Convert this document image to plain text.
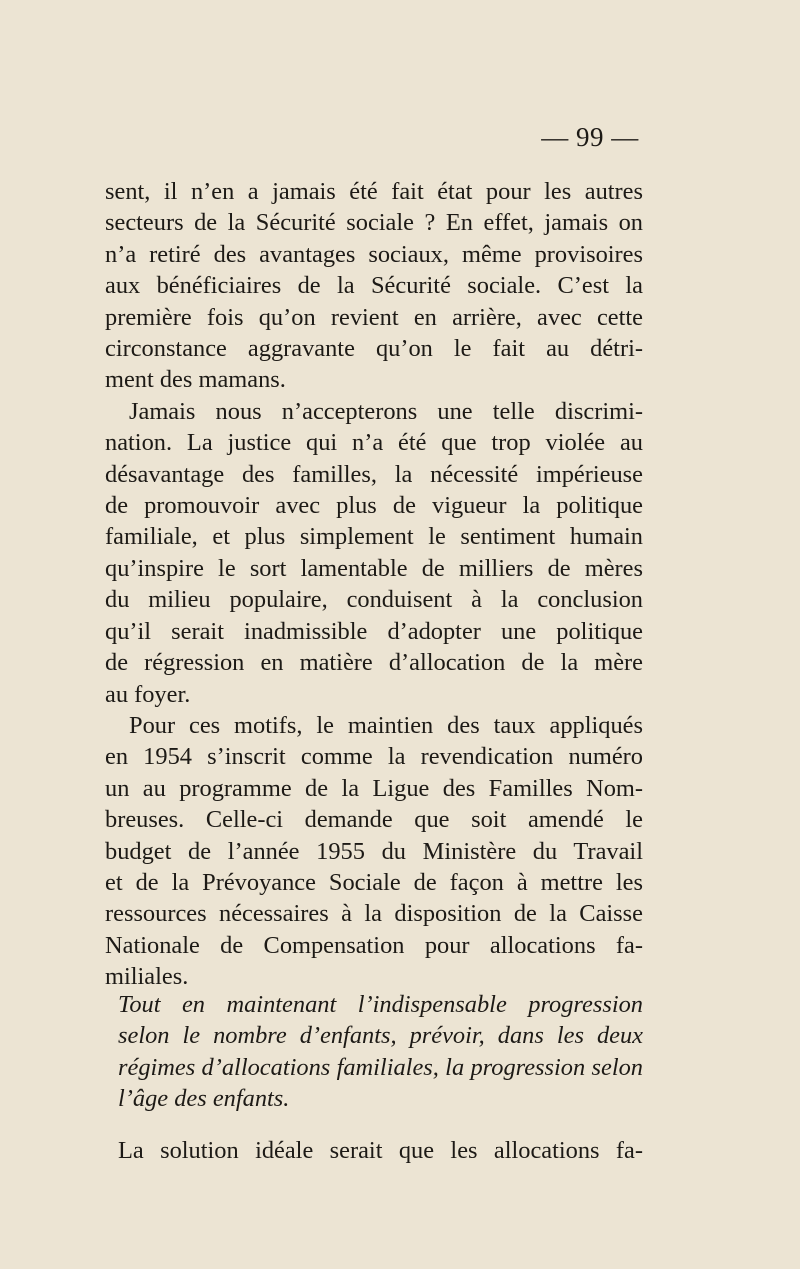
— 99 —
sent, il n’en a jamais été fait état pour les autres
secteurs de la Sécurité sociale ? En effet, jamais on
n’a retiré des avantages sociaux, même provisoires
aux bénéficiaires de la Sécurité sociale. C’est la
première fois qu’on revient en arrière, avec cette
circonstance aggravante qu’on le fait au détri-
ment des mamans.
Jamais nous n’accepterons une telle discrimi-
nation. La justice qui n’a été que trop violée au
désavantage des familles, la nécessité impérieuse
de promouvoir avec plus de vigueur la politique
familiale, et plus simplement le sentiment humain
qu’inspire le sort lamentable de milliers de mères
du milieu populaire, conduisent à la conclusion
qu’il serait inadmissible d’adopter une politique
de régression en matière d’allocation de la mère
au foyer.
Pour ces motifs, le maintien des taux appliqués
en 1954 s’inscrit comme la revendication numéro
un au programme de la Ligue des Familles Nom-
breuses. Celle-ci demande que soit amendé le
budget de l’année 1955 du Ministère du Travail
et de la Prévoyance Sociale de façon à mettre les
ressources nécessaires à la disposition de la Caisse
Nationale de Compensation pour allocations fa-
miliales.
Tout en maintenant l’indispensable progression
selon le nombre d’enfants, prévoir, dans les deux
régimes d’allocations familiales, la progression selon
l’âge des enfants.
La solution idéale serait que les allocations fa-
